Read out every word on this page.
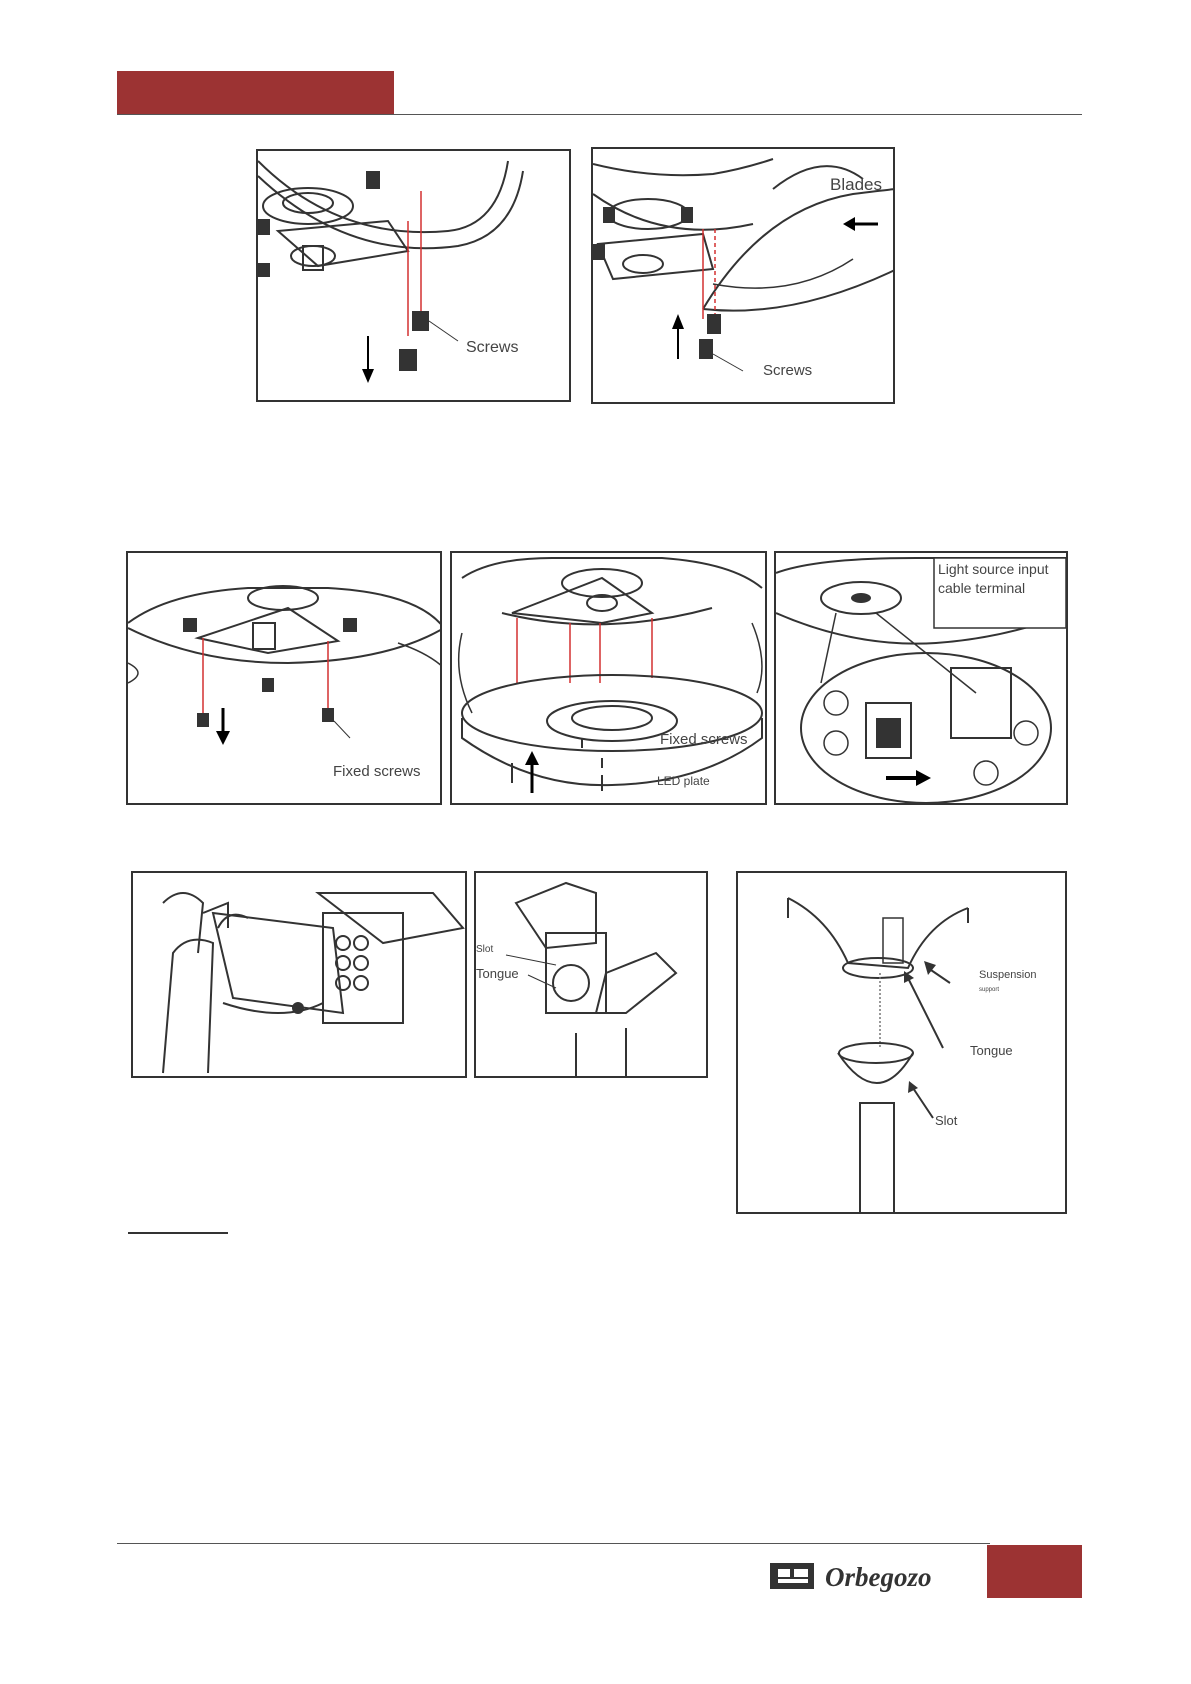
Screws
Blades
Screws
Fixed screws
Fixed screws
LED plate
Light source input
cable terminal
Slot
Tongue	Suspension
support
Tongue
Slot
Orbegozo
